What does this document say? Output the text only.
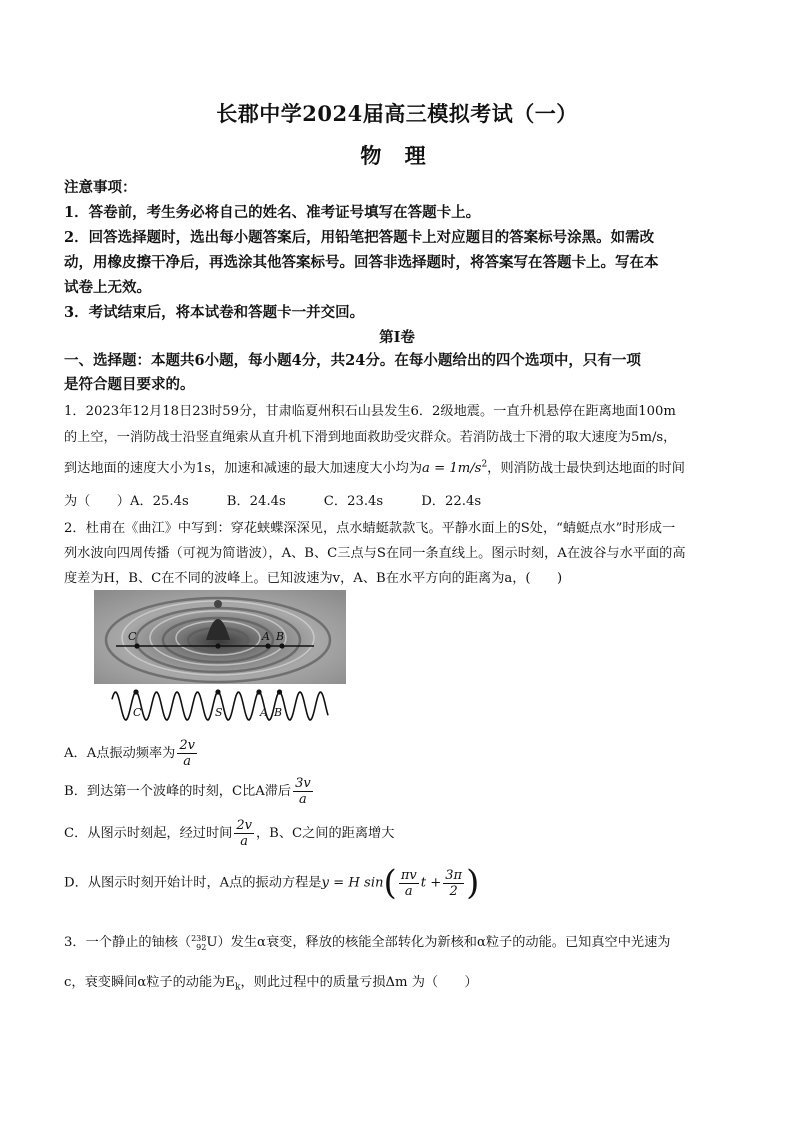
长郡中学2024届高三模拟考试（一）
物 理
注意事项：
1．答卷前，考生务必将自己的姓名、准考证号填写在答题卡上。
2．回答选择题时，选出每小题答案后，用铅笔把答题卡上对应题目的答案标号涂黑。如需改
动，用橡皮擦干净后，再选涂其他答案标号。回答非选择题时，将答案写在答题卡上。写在本
试卷上无效。
3．考试结束后，将本试卷和答题卡一并交回。
第Ⅰ卷
一、选择题：本题共6小题，每小题4分，共24分。在每小题给出的四个选项中，只有一项
是符合题目要求的。
1．2023年12月18日23时59分，甘肃临夏州积石山县发生6．2级地震。一直升机悬停在距离地面100m
的上空，一消防战士沿竖直绳索从直升机下滑到地面救助受灾群众。若消防战士下滑的取大速度为5m/s，
到达地面的速度大小为1s，加速和减速的最大加速度大小均为$a = 1m/s^2$，则消防战士最快到达地面的时间
为（　　）A．25.4s	B．24.4s	C．23.4s	D．22.4s
2．杜甫在《曲江》中写到：穿花蛱蝶深深见，点水蜻蜓款款飞。平静水面上的S处，“蜻蜓点水”时形成一
列水波向四周传播（可视为简谐波），A、B、C三点与S在同一条直线上。图示时刻，A在波谷与水平面的高
度差为H，B、C在不同的波峰上。已知波速为v，A、B在水平方向的距离为a，(　　)
C	A B
C	S	A B
A．A点振动频率为 $\frac{2v}{a}$
B．到达第一个波峰的时刻，C比A滞后 $\frac{3v}{a}$
C．从图示时刻起，经过时间 $\frac{2v}{a}$ ，B、C之间的距离增大
D．从图示时刻开始计时，A点的振动方程是y = H $\sin( \frac{\pi v}{a}$ $t + \frac{3\pi}{2}$ )
3．一个静止的铀核（ 238
92 U）发生α衰变，释放的核能全部转化为新核和α粒子的动能。已知真空中光速为
c，衰变瞬间α粒子的动能为$E_k$，则此过程中的质量亏损Δm 为（　　）
